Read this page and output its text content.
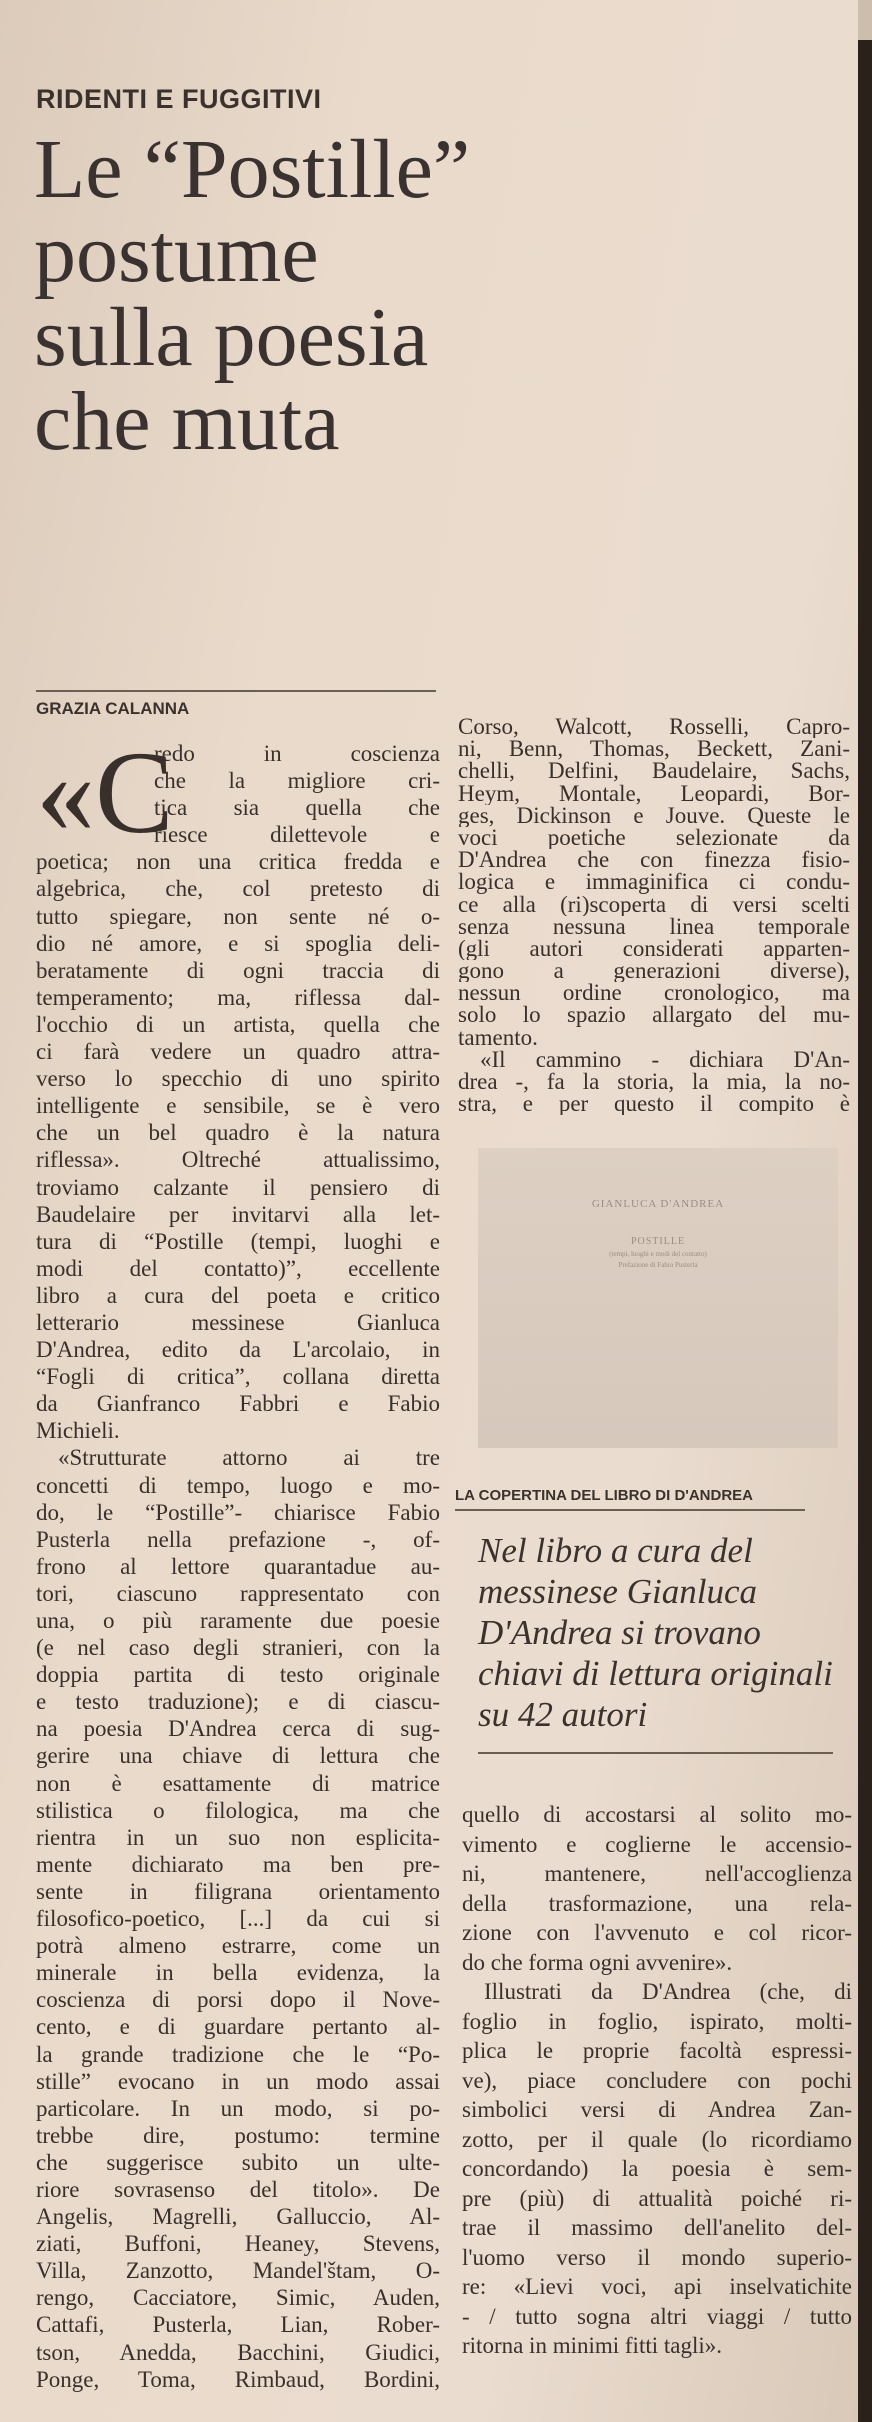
RIDENTI E FUGGITIVI
Le “Postille”
postume
sulla poesia
che muta
GRAZIA CALANNA
«C
redo in coscienza
che la migliore cri-
tica sia quella che
riesce dilettevole e
poetica; non una critica fredda e
algebrica, che, col pretesto di
tutto spiegare, non sente né o-
dio né amore, e si spoglia deli-
beratamente di ogni traccia di
temperamento; ma, riflessa dal-
l'occhio di un artista, quella che
ci farà vedere un quadro attra-
verso lo specchio di uno spirito
intelligente e sensibile, se è vero
che un bel quadro è la natura
riflessa». Oltreché attualissimo,
troviamo calzante il pensiero di
Baudelaire per invitarvi alla let-
tura di “Postille (tempi, luoghi e
modi del contatto)”, eccellente
libro a cura del poeta e critico
letterario messinese Gianluca
D'Andrea, edito da L'arcolaio, in
“Fogli di critica”, collana diretta
da Gianfranco Fabbri e Fabio
Michieli.
«Strutturate attorno ai tre
concetti di tempo, luogo e mo-
do, le “Postille”- chiarisce Fabio
Pusterla nella prefazione -, of-
frono al lettore quarantadue au-
tori, ciascuno rappresentato con
una, o più raramente due poesie
(e nel caso degli stranieri, con la
doppia partita di testo originale
e testo traduzione); e di ciascu-
na poesia D'Andrea cerca di sug-
gerire una chiave di lettura che
non è esattamente di matrice
stilistica o filologica, ma che
rientra in un suo non esplicita-
mente dichiarato ma ben pre-
sente in filigrana orientamento
filosofico-poetico, [...] da cui si
potrà almeno estrarre, come un
minerale in bella evidenza, la
coscienza di porsi dopo il Nove-
cento, e di guardare pertanto al-
la grande tradizione che le “Po-
stille” evocano in un modo assai
particolare. In un modo, si po-
trebbe dire, postumo: termine
che suggerisce subito un ulte-
riore sovrasenso del titolo». De
Angelis, Magrelli, Galluccio, Al-
ziati, Buffoni, Heaney, Stevens,
Villa, Zanzotto, Mandel'štam, O-
rengo, Cacciatore, Simic, Auden,
Cattafi, Pusterla, Lian, Rober-
tson, Anedda, Bacchini, Giudici,
Ponge, Toma, Rimbaud, Bordini,
Corso, Walcott, Rosselli, Capro-
ni, Benn, Thomas, Beckett, Zani-
chelli, Delfini, Baudelaire, Sachs,
Heym, Montale, Leopardi, Bor-
ges, Dickinson e Jouve. Queste le
voci poetiche selezionate da
D'Andrea che con finezza fisio-
logica e immaginifica ci condu-
ce alla (ri)scoperta di versi scelti
senza nessuna linea temporale
(gli autori considerati apparten-
gono a generazioni diverse),
nessun ordine cronologico, ma
solo lo spazio allargato del mu-
tamento.
«Il cammino - dichiara D'An-
drea -, fa la storia, la mia, la no-
stra, e per questo il compito è
GIANLUCA D'ANDREA
POSTILLE
(tempi, luoghi e modi del contatto)
Prefazione di Fabio Pusterla
LA COPERTINA DEL LIBRO DI D'ANDREA
Nel libro a cura del
messinese Gianluca
D'Andrea si trovano
chiavi di lettura originali
su 42 autori
quello di accostarsi al solito mo-
vimento e coglierne le accensio-
ni, mantenere, nell'accoglienza
della trasformazione, una rela-
zione con l'avvenuto e col ricor-
do che forma ogni avvenire».
Illustrati da D'Andrea (che, di
foglio in foglio, ispirato, molti-
plica le proprie facoltà espressi-
ve), piace concludere con pochi
simbolici versi di Andrea Zan-
zotto, per il quale (lo ricordiamo
concordando) la poesia è sem-
pre (più) di attualità poiché ri-
trae il massimo dell'anelito del-
l'uomo verso il mondo superio-
re: «Lievi voci, api inselvatichite
- / tutto sogna altri viaggi / tutto
ritorna in minimi fitti tagli».
